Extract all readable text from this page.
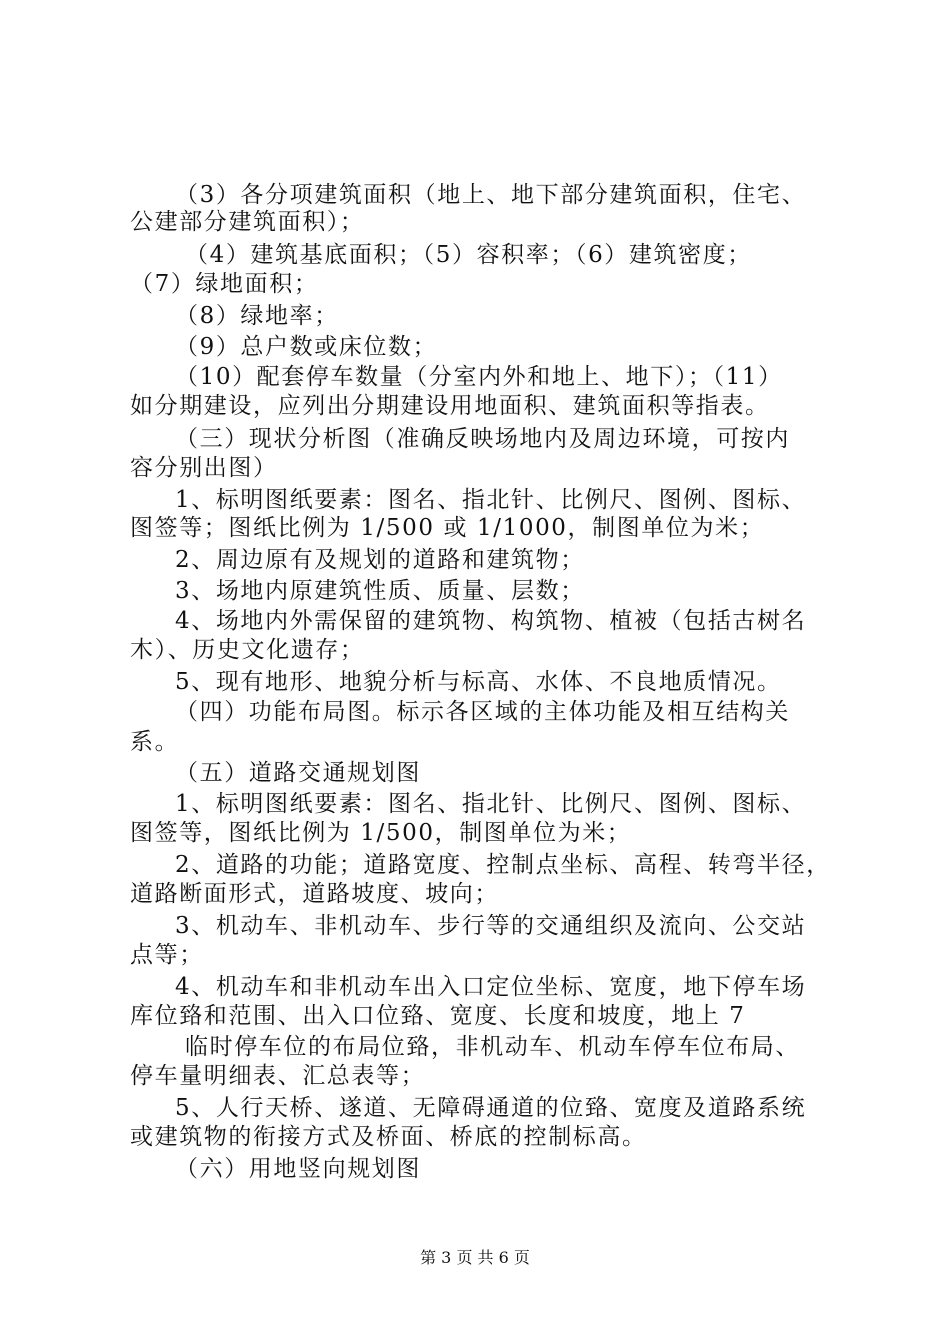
（3）各分项建筑面积（地上、地下部分建筑面积，住宅、
公建部分建筑面积）；
（4）建筑基底面积；（5）容积率；（6）建筑密度；
（7）绿地面积；
（8）绿地率；
（9）总户数或床位数；
（10）配套停车数量（分室内外和地上、地下）；（11）
如分期建设，应列出分期建设用地面积、建筑面积等指表。
（三）现状分析图（准确反映场地内及周边环境，可按内
容分别出图）
1、标明图纸要素：图名、指北针、比例尺、图例、图标、
图签等；图纸比例为 1/500 或 1/1000，制图单位为米；
2、周边原有及规划的道路和建筑物；
3、场地内原建筑性质、质量、层数；
4、场地内外需保留的建筑物、构筑物、植被（包括古树名
木）、历史文化遗存；
5、现有地形、地貌分析与标高、水体、不良地质情况。
（四）功能布局图。标示各区域的主体功能及相互结构关
系。
（五）道路交通规划图
1、标明图纸要素：图名、指北针、比例尺、图例、图标、
图签等，图纸比例为 1/500，制图单位为米；
2、道路的功能；道路宽度、控制点坐标、高程、转弯半径，
道路断面形式，道路坡度、坡向；
3、机动车、非机动车、步行等的交通组织及流向、公交站
点等；
4、机动车和非机动车出入口定位坐标、宽度，地下停车场
库位臵和范围、出入口位臵、宽度、长度和坡度，地上 7
临时停车位的布局位臵，非机动车、机动车停车位布局、
停车量明细表、汇总表等；
5、人行天桥、遂道、无障碍通道的位臵、宽度及道路系统
或建筑物的衔接方式及桥面、桥底的控制标高。
（六）用地竖向规划图
第 3 页 共 6 页
